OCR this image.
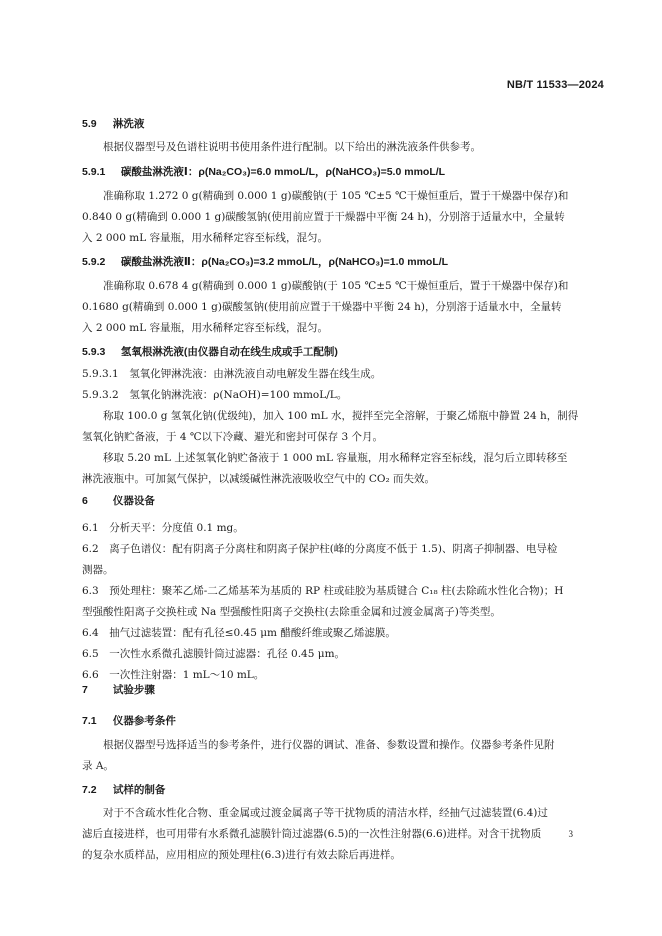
NB/T 11533—2024
5.9 淋洗液
根据仪器型号及色谱柱说明书使用条件进行配制。以下给出的淋洗液条件供参考。
5.9.1 碳酸盐淋洗液Ⅰ：ρ(Na₂CO₃)=6.0 mmoL/L，ρ(NaHCO₃)=5.0 mmoL/L
准确称取 1.272 0 g(精确到 0.000 1 g)碳酸钠(于 105 ℃±5 ℃干燥恒重后，置于干燥器中保存)和
0.840 0 g(精确到 0.000 1 g)碳酸氢钠(使用前应置于干燥器中平衡 24 h)，分别溶于适量水中，全量转
入 2 000 mL 容量瓶，用水稀释定容至标线，混匀。
5.9.2 碳酸盐淋洗液Ⅱ：ρ(Na₂CO₃)=3.2 mmoL/L，ρ(NaHCO₃)=1.0 mmoL/L
准确称取 0.678 4 g(精确到 0.000 1 g)碳酸钠(于 105 ℃±5 ℃干燥恒重后，置于干燥器中保存)和
0.1680 g(精确到 0.000 1 g)碳酸氢钠(使用前应置于干燥器中平衡 24 h)，分别溶于适量水中，全量转
入 2 000 mL 容量瓶，用水稀释定容至标线，混匀。
5.9.3 氢氧根淋洗液(由仪器自动在线生成或手工配制)
5.9.3.1　氢氧化钾淋洗液：由淋洗液自动电解发生器在线生成。
5.9.3.2　氢氧化钠淋洗液：ρ(NaOH)=100 mmoL/L。
称取 100.0 g 氢氧化钠(优级纯)，加入 100 mL 水，搅拌至完全溶解，于聚乙烯瓶中静置 24 h，制得
氢氧化钠贮备液，于 4 ℃以下冷藏、避光和密封可保存 3 个月。
移取 5.20 mL 上述氢氧化钠贮备液于 1 000 mL 容量瓶，用水稀释定容至标线，混匀后立即转移至
淋洗液瓶中。可加氮气保护，以减缓碱性淋洗液吸收空气中的 CO₂ 而失效。
6 仪器设备
6.1　分析天平：分度值 0.1 mg。
6.2　离子色谱仪：配有阴离子分离柱和阴离子保护柱(峰的分离度不低于 1.5)、阴离子抑制器、电导检
测器。
6.3　预处理柱：聚苯乙烯-二乙烯基苯为基质的 RP 柱或硅胶为基质键合 C₁₈ 柱(去除疏水性化合物)；H
型强酸性阳离子交换柱或 Na 型强酸性阳离子交换柱(去除重金属和过渡金属离子)等类型。
6.4　抽气过滤装置：配有孔径≤0.45 μm 醋酸纤维或聚乙烯滤膜。
6.5　一次性水系微孔滤膜针筒过滤器：孔径 0.45 μm。
6.6　一次性注射器：1 mL～10 mL。
7 试验步骤
7.1 仪器参考条件
根据仪器型号选择适当的参考条件，进行仪器的调试、准备、参数设置和操作。仪器参考条件见附
录 A。
7.2 试样的制备
对于不含疏水性化合物、重金属或过渡金属离子等干扰物质的清洁水样，经抽气过滤装置(6.4)过
滤后直接进样，也可用带有水系微孔滤膜针筒过滤器(6.5)的一次性注射器(6.6)进样。对含干扰物质
的复杂水质样品，应用相应的预处理柱(6.3)进行有效去除后再进样。
3
